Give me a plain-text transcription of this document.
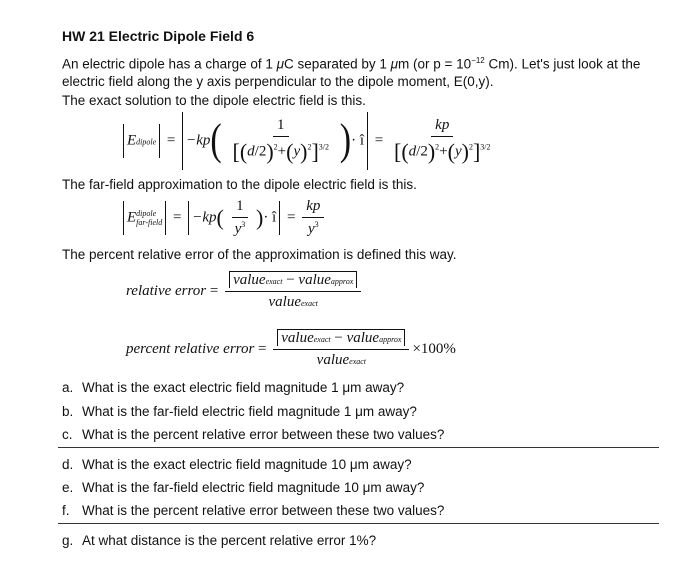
HW 21 Electric Dipole Field 6
An electric dipole has a charge of 1 μC separated by 1 μm (or $p = 10^{-12}$ Cm). Let's just look at the electric field along the y axis perpendicular to the dipole moment, E(0,y).
The exact solution to the dipole electric field is this.
Edipole = $-kp( \frac{1}{[(d/2)^2+(y)^2]^{3/2}}$ )· î = $\frac{kp}{[(d/2)^2+(y)^2]^{3/2}}$
The far-field approximation to the dipole electric field is this.
E dipole
far-field = $-kp( \frac{1}{y^3}$ )· î = $\frac{kp}{y^3}$
The percent relative error of the approximation is defined this way.
relative error = $\frac{\text{valueexact − valueapprox}}{\text{valueexact}}$
percent relative error = $\frac{\text{valueexact − valueapprox}}{\text{valueexact}} \times 100\%$
a. What is the exact electric field magnitude 1 μm away?
b. What is the far-field electric field magnitude 1 μm away?
c. What is the percent relative error between these two values?
d. What is the exact electric field magnitude 10 μm away?
e. What is the far-field electric field magnitude 10 μm away?
f. What is the percent relative error between these two values?
g. At what distance is the percent relative error 1%?
